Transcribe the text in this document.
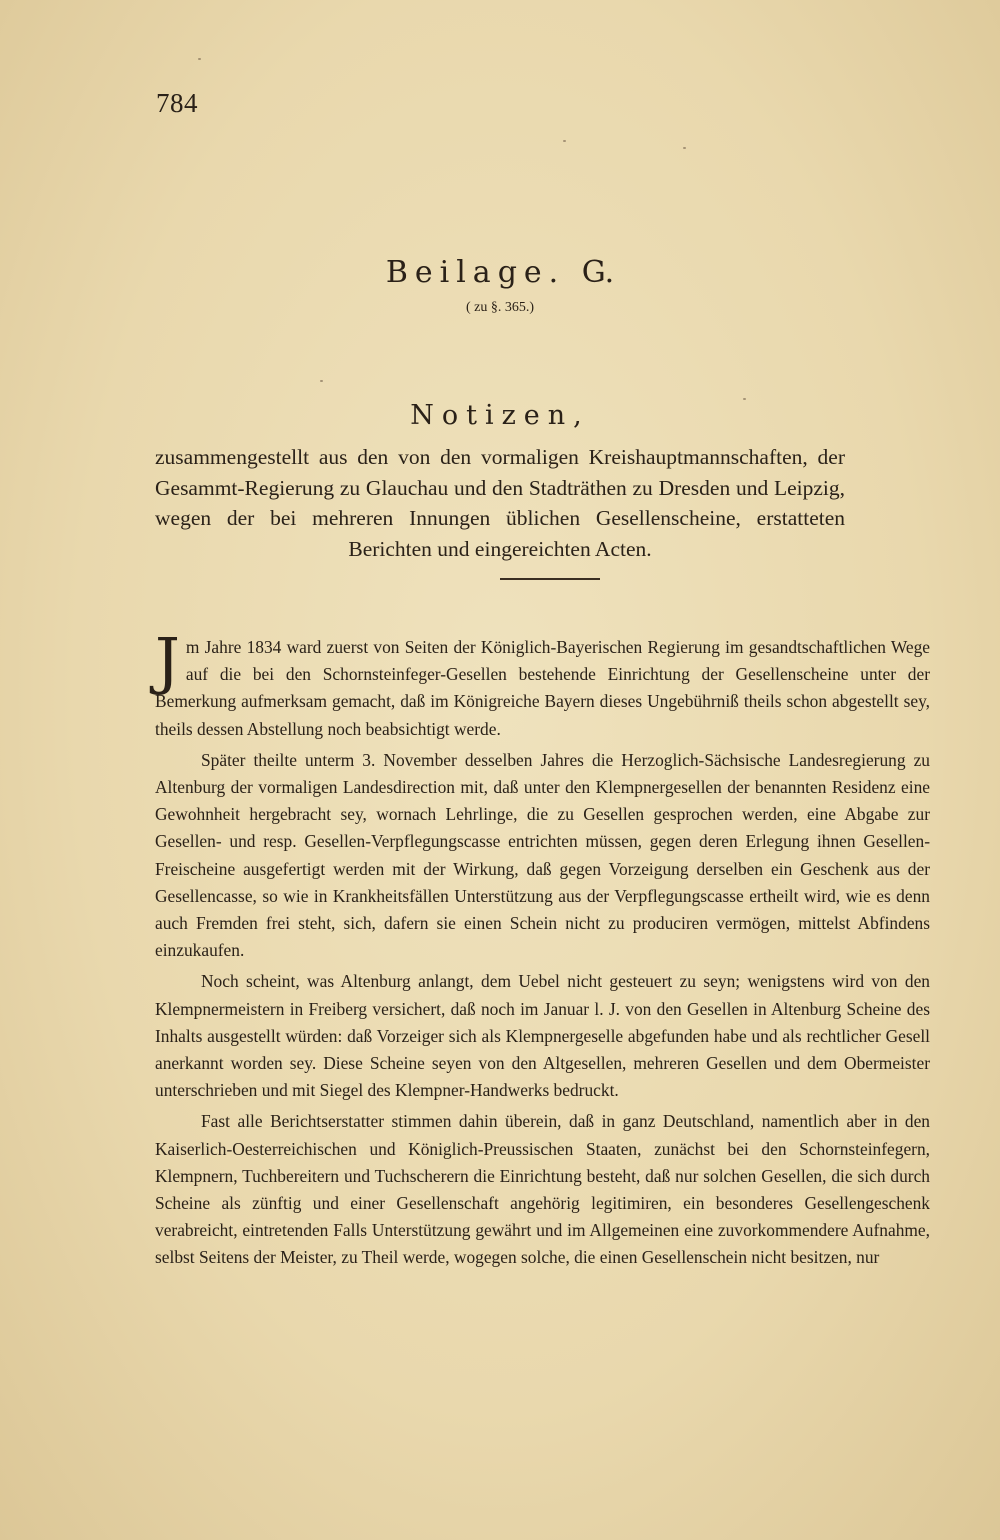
784
Beilage. G.
( zu §. 365.)
Notizen,
zusammengestellt aus den von den vormaligen Kreishauptmannschaften, der Gesammt-Regierung zu Glauchau und den Stadträthen zu Dresden und Leipzig, wegen der bei mehreren Innungen üblichen Gesellenscheine, erstatteten Berichten und eingereichten Acten.

Jm Jahre 1834 ward zuerst von Seiten der Königlich-Bayerischen Regierung im gesandtschaftlichen Wege auf die bei den Schornsteinfeger-Gesellen bestehende Einrichtung der Gesellenscheine unter der Bemerkung aufmerksam gemacht, daß im Königreiche Bayern dieses Ungebührniß theils schon abgestellt sey, theils dessen Abstellung noch beabsichtigt werde.

Später theilte unterm 3. November desselben Jahres die Herzoglich-Sächsische Landesregierung zu Altenburg der vormaligen Landesdirection mit, daß unter den Klempnergesellen der benannten Residenz eine Gewohnheit hergebracht sey, wornach Lehrlinge, die zu Gesellen gesprochen werden, eine Abgabe zur Gesellen- und resp. Gesellen-Verpflegungscasse entrichten müssen, gegen deren Erlegung ihnen Gesellen-Freischeine ausgefertigt werden mit der Wirkung, daß gegen Vorzeigung derselben ein Geschenk aus der Gesellencasse, so wie in Krankheitsfällen Unterstützung aus der Verpflegungscasse ertheilt wird, wie es denn auch Fremden frei steht, sich, dafern sie einen Schein nicht zu produciren vermögen, mittelst Abfindens einzukaufen.

Noch scheint, was Altenburg anlangt, dem Uebel nicht gesteuert zu seyn; wenigstens wird von den Klempnermeistern in Freiberg versichert, daß noch im Januar l. J. von den Gesellen in Altenburg Scheine des Inhalts ausgestellt würden: daß Vorzeiger sich als Klempnergeselle abgefunden habe und als rechtlicher Gesell anerkannt worden sey. Diese Scheine seyen von den Altgesellen, mehreren Gesellen und dem Obermeister unterschrieben und mit Siegel des Klempner-Handwerks bedruckt.

Fast alle Berichtserstatter stimmen dahin überein, daß in ganz Deutschland, namentlich aber in den Kaiserlich-Oesterreichischen und Königlich-Preussischen Staaten, zunächst bei den Schornsteinfegern, Klempnern, Tuchbereitern und Tuchscherern die Einrichtung besteht, daß nur solchen Gesellen, die sich durch Scheine als zünftig und einer Gesellenschaft angehörig legitimiren, ein besonderes Gesellengeschenk verabreicht, eintretenden Falls Unterstützung gewährt und im Allgemeinen eine zuvorkommendere Aufnahme, selbst Seitens der Meister, zu Theil werde, wogegen solche, die einen Gesellenschein nicht besitzen, nur
